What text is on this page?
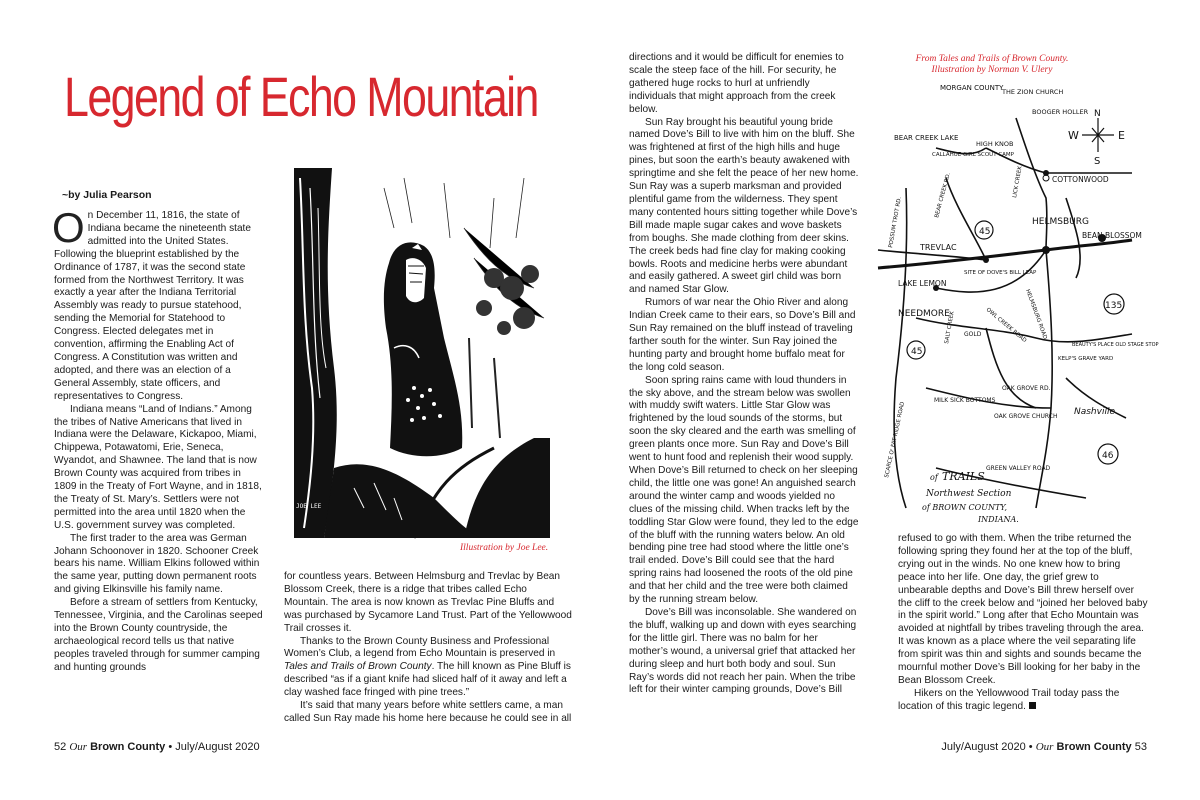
Legend of Echo Mountain

~by Julia Pearson

On December 11, 1816, the state of Indiana became the nineteenth state admitted into the United States. Following the blueprint established by the Ordinance of 1787, it was the second state formed from the Northwest Territory. It was exactly a year after the Indiana Territorial Assembly was ready to pursue statehood, sending the Memorial for Statehood to Congress. Elected delegates met in convention, affirming the Enabling Act of Congress. A Constitution was written and adopted, and there was an election of a General Assembly, state officers, and representatives to Congress.

Indiana means “Land of Indians.” Among the tribes of Native Americans that lived in Indiana were the Delaware, Kickapoo, Miami, Chippewa, Potawatomi, Erie, Seneca, Wyandot, and Shawnee. The land that is now Brown County was acquired from tribes in 1809 in the Treaty of Fort Wayne, and in 1818, the Treaty of St. Mary’s. Settlers were not permitted into the area until 1820 when the U.S. government survey was completed.

The first trader to the area was German Johann Schoonover in 1820. Schooner Creek bears his name. William Elkins followed within the same year, putting down permanent roots and giving Elkinsville his family name.

Before a stream of settlers from Kentucky, Tennessee, Virginia, and the Carolinas seeped into the Brown County countryside, the archaeological record tells us that native peoples traveled through for summer camping and hunting grounds

JOE LEE

Illustration by Joe Lee.

for countless years. Between Helmsburg and Trevlac by Bean Blossom Creek, there is a ridge that tribes called Echo Mountain. The area is now known as Trevlac Pine Bluffs and was purchased by Sycamore Land Trust. Part of the Yellowwood Trail crosses it.

Thanks to the Brown County Business and Professional Women’s Club, a legend from Echo Mountain is preserved in Tales and Trails of Brown County. The hill known as Pine Bluff is described “as if a giant knife had sliced half of it away and left a clay washed face fringed with pine trees.”

It’s said that many years before white settlers came, a man called Sun Ray made his home here because he could see in all

52 Our Brown County • July/August 2020

directions and it would be difficult for enemies to scale the steep face of the hill. For security, he gathered huge rocks to hurl at unfriendly individuals that might approach from the creek below.

Sun Ray brought his beautiful young bride named Dove’s Bill to live with him on the bluff. She was frightened at first of the high hills and huge pines, but soon the earth’s beauty awakened with springtime and she felt the peace of her new home. Sun Ray was a superb marksman and provided plentiful game from the wilderness. They spent many contented hours sitting together while Dove’s Bill made maple sugar cakes and wove baskets from boughs. She made clothing from deer skins. The creek beds had fine clay for making cooking bowls. Roots and medicine herbs were abundant and easily gathered. A sweet girl child was born and named Star Glow.

Rumors of war near the Ohio River and along Indian Creek came to their ears, so Dove’s Bill and Sun Ray remained on the bluff instead of traveling farther south for the winter. Sun Ray joined the hunting party and brought home buffalo meat for the long cold season.

Soon spring rains came with loud thunders in the sky above, and the stream below was swollen with muddy swift waters. Little Star Glow was frightened by the loud sounds of the storms, but soon the sky cleared and the earth was smelling of green plants once more. Sun Ray and Dove’s Bill went to hunt food and replenish their wood supply. When Dove’s Bill returned to check on her sleeping child, the little one was gone! An anguished search around the winter camp and woods yielded no clues of the missing child. When tracks left by the toddling Star Glow were found, they led to the edge of the bluff with the running waters below. An old bending pine tree had stood where the little one’s trail ended. Dove’s Bill could see that the hard spring rains had loosened the roots of the old pine and that her child and the tree were both claimed by the running stream below.

Dove’s Bill was inconsolable. She wandered on the bluff, walking up and down with eyes searching for the little girl. There was no balm for her mother’s wound, a universal grief that attacked her during sleep and hurt both body and soul. Sun Ray’s words did not reach her pain. When the tribe left for their winter camping grounds, Dove’s Bill

From Tales and Trails of Brown County.
Illustration by Norman V. Ulery

45
45
135
46
N
E
S
W
MORGAN COUNTY
THE ZION CHURCH
BOOGER HOLLER
BEAR CREEK LAKE
CALLAHUE GIRL SCOUT CAMP
HIGH KNOB
COTTONWOOD
HELMSBURG
BEAN BLOSSOM
TREVLAC
LAKE LEMON
SITE OF DOVE'S BILL LEAP
NEEDMORE
GOLD
MILK SICK BOTTOMS
OAK GROVE CHURCH
OAK GROVE RD.
Nashville
GREEN VALLEY ROAD
SCARCE O' FAT RIDGE ROAD
HELMSBURG ROAD
OWL CREEK ROAD
KELP'S GRAVE YARD
BEAUTY'S PLACE OLD STAGE STOP
SALT CREEK
POSSUM TROT RD.
LICK CREEK
BEAR CREEK RD.
TRAILS
Northwest Section
of BROWN COUNTY,
INDIANA.
of

refused to go with them. When the tribe returned the following spring they found her at the top of the bluff, crying out in the winds. No one knew how to bring peace into her life. One day, the grief grew to unbearable depths and Dove’s Bill threw herself over the cliff to the creek below and “joined her beloved baby in the spirit world.” Long after that Echo Mountain was avoided at nightfall by tribes traveling through the area. It was known as a place where the veil separating life from spirit was thin and sights and sounds became the mournful mother Dove’s Bill looking for her baby in the Bean Blossom Creek.

Hikers on the Yellowwood Trail today pass the location of this tragic legend.

July/August 2020 • Our Brown County 53
